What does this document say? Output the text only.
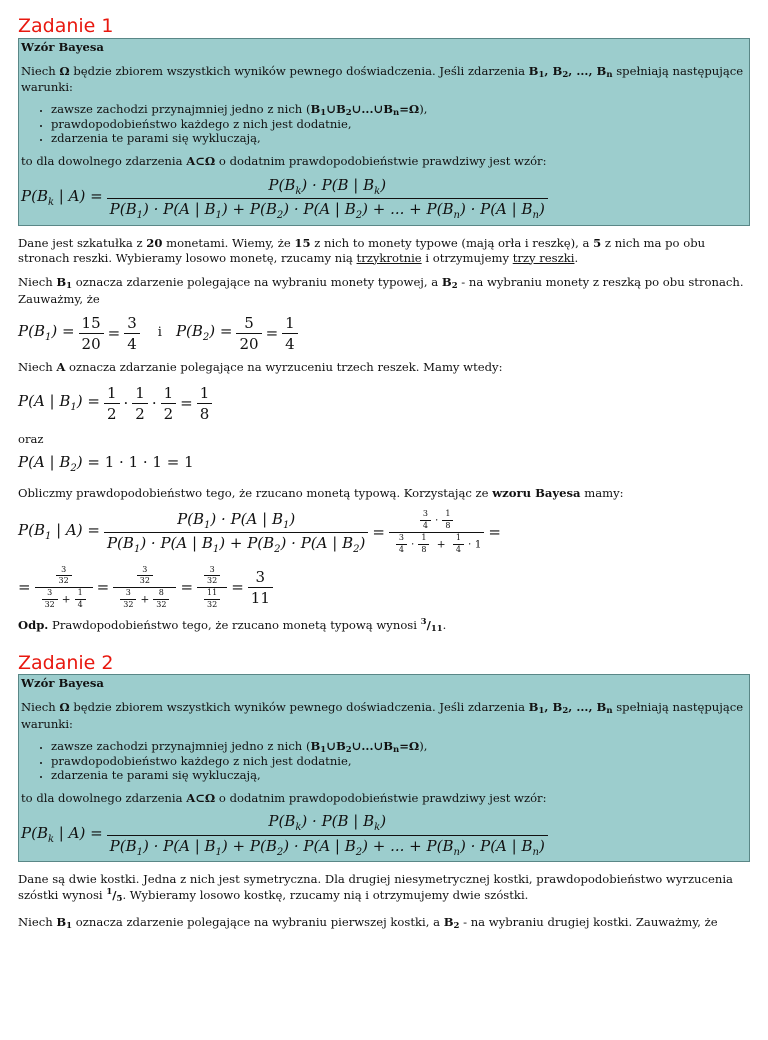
Zadanie 1

Wzór Bayesa

Niech Ω będzie zbiorem wszystkich wyników pewnego doświadczenia. Jeśli zdarzenia $B_1$, $B_2$, ..., $B_n$ spełniają następujące warunki:

• zawsze zachodzi przynajmniej jedno z nich $(B_1\cup B_2\cup...\cup B_n=\Omega)$,
• prawdopodobieństwo każdego z nich jest dodatnie,
• zdarzenia te parami się wykluczają,

to dla dowolnego zdarzenia A⊂Ω o dodatnim prawdopodobieństwie prawdziwy jest wzór:

$P(B_k$ | A) =
$P(B_k) \cdot P(B$ | $B_k$)
$P(B_1) \cdot P(A$ | $B_1) + P(B_2) \cdot P(A$ | $B_2$) + ... + $P(B_n) \cdot P(A$ | $B_n$)

Dane jest szkatułka z 20 monetami. Wiemy, że 15 z nich to monety typowe (mają orła i reszkę), a 5 z nich ma po obu stronach reszki. Wybieramy losowo monetę, rzucamy nią trzykrotnie i otrzymujemy trzy reszki.

Niech $B_1$ oznacza zdarzenie polegające na wybraniu monety typowej, a $B_2$ - na wybraniu monety z reszką po obu stronach. Zauważmy, że

$P(B_1) = \frac{15}{20} = \frac{3}{4}$ i $P(B_2) = \frac{5}{20} = \frac{1}{4}$

Niech A oznacza zdarzanie polegające na wyrzuceniu trzech reszek. Mamy wtedy:

P(A | $B_1) = \frac{1}{2} \cdot \frac{1}{2} \cdot \frac{1}{2} = \frac{1}{8}$

oraz

P(A | $B_2) = 1 \cdot 1 \cdot 1 = 1$

Obliczmy prawdopodobieństwo tego, że rzucano monetą typową. Korzystając ze wzoru Bayesa mamy:

$P(B_1$ | $A) = \frac{P(B_1) \cdot P(A | B_1)}{P(B_1) \cdot P(A | B_1) + P(B_2) \cdot P(A | B_2)} = \frac{\frac{3}{4} \cdot \frac{1}{8}}{\frac{3}{4} \cdot \frac{1}{8} + \frac{1}{4} \cdot 1}$ =
= $\frac{\frac{3}{32}}{\frac{3}{32} + \frac{1}{4}} = \frac{\frac{3}{32}}{\frac{3}{32} + \frac{8}{32}} = \frac{\frac{3}{32}}{\frac{11}{32}} = \frac{3}{11}$

Odp. Prawdopodobieństwo tego, że rzucano monetą typową wynosi $^3/_{11}$.

Zadanie 2

Wzór Bayesa

Niech Ω będzie zbiorem wszystkich wyników pewnego doświadczenia. Jeśli zdarzenia $B_1$, $B_2$, ..., $B_n$ spełniają następujące warunki:

• zawsze zachodzi przynajmniej jedno z nich $(B_1\cup B_2\cup...\cup B_n=\Omega)$,
• prawdopodobieństwo każdego z nich jest dodatnie,
• zdarzenia te parami się wykluczają,

to dla dowolnego zdarzenia A⊂Ω o dodatnim prawdopodobieństwie prawdziwy jest wzór:

$P(B_k$ | A) =
$P(B_k) \cdot P(B$ | $B_k$)
$P(B_1) \cdot P(A$ | $B_1) + P(B_2) \cdot P(A$ | $B_2$) + ... + $P(B_n) \cdot P(A$ | $B_n$)

Dane są dwie kostki. Jedna z nich jest symetryczna. Dla drugiej niesymetrycznej kostki, prawdopodobieństwo wyrzucenia szóstki wynosi $^1/_5$. Wybieramy losowo kostkę, rzucamy nią i otrzymujemy dwie szóstki.

Niech $B_1$ oznacza zdarzenie polegające na wybraniu pierwszej kostki, a $B_2$ - na wybraniu drugiej kostki. Zauważmy, że
